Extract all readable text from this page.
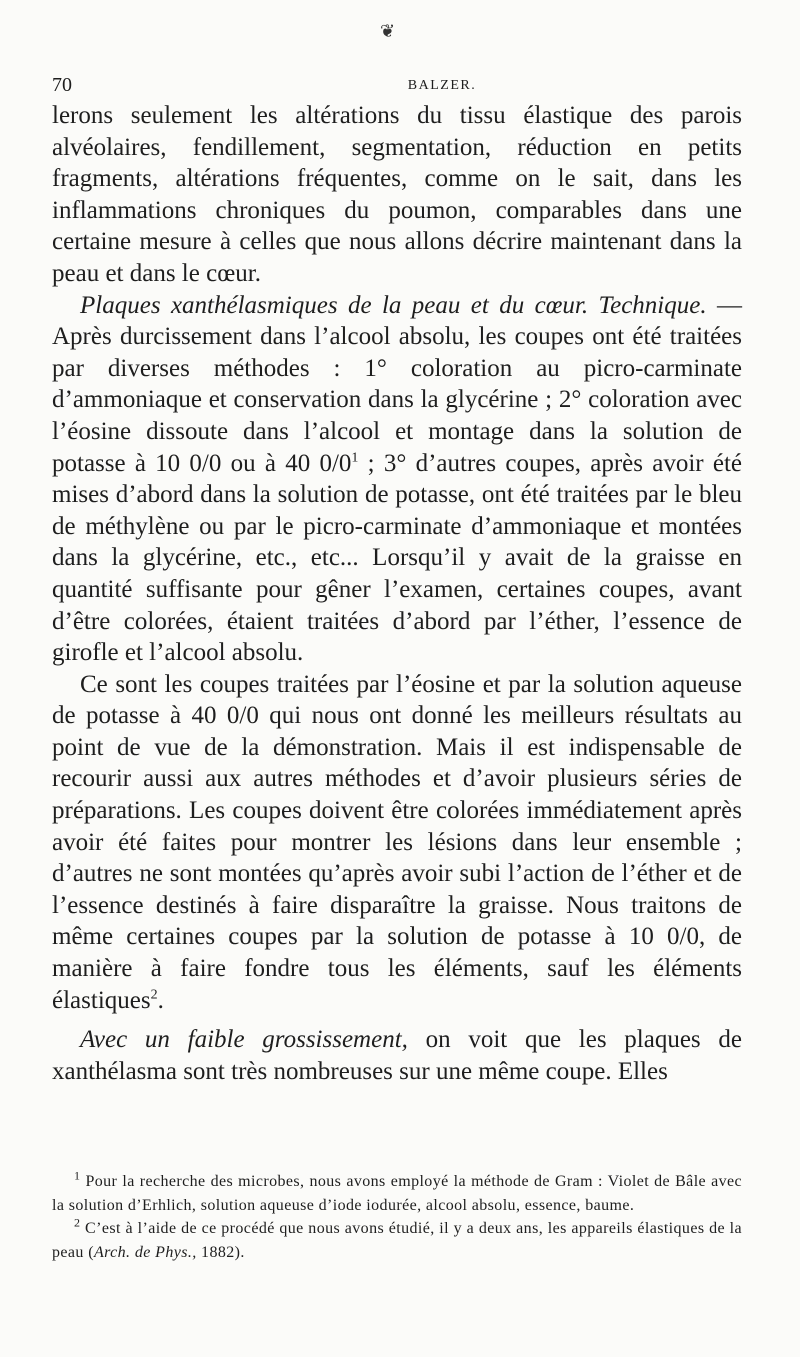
❦
70	BALZER.

lerons seulement les altérations du tissu élastique des parois alvéolaires, fendillement, segmentation, réduction en petits fragments, altérations fréquentes, comme on le sait, dans les inflammations chroniques du poumon, comparables dans une certaine mesure à celles que nous allons décrire maintenant dans la peau et dans le cœur.

Plaques xanthélasmiques de la peau et du cœur. Technique. — Après durcissement dans l’alcool absolu, les coupes ont été traitées par diverses méthodes : 1° coloration au picro-carminate d’ammoniaque et conservation dans la glycérine ; 2° coloration avec l’éosine dissoute dans l’alcool et montage dans la solution de potasse à 10 0/0 ou à 40 $0/0^1$ ; 3° d’autres coupes, après avoir été mises d’abord dans la solution de potasse, ont été traitées par le bleu de méthylène ou par le picro-carminate d’ammoniaque et montées dans la glycérine, etc., etc... Lorsqu’il y avait de la graisse en quantité suffisante pour gêner l’examen, certaines coupes, avant d’être colorées, étaient traitées d’abord par l’éther, l’essence de girofle et l’alcool absolu.

Ce sont les coupes traitées par l’éosine et par la solution aqueuse de potasse à 40 0/0 qui nous ont donné les meilleurs résultats au point de vue de la démonstration. Mais il est indispensable de recourir aussi aux autres méthodes et d’avoir plusieurs séries de préparations. Les coupes doivent être colorées immédiatement après avoir été faites pour montrer les lésions dans leur ensemble ; d’autres ne sont montées qu’après avoir subi l’action de l’éther et de l’essence destinés à faire disparaître la graisse. Nous traitons de même certaines coupes par la solution de potasse à 10 0/0, de manière à faire fondre tous les éléments, sauf les éléments élastiques$^2$.

Avec un faible grossissement, on voit que les plaques de xanthélasma sont très nombreuses sur une même coupe. Elles

$^1$ Pour la recherche des microbes, nous avons employé la méthode de Gram : Violet de Bâle avec la solution d’Erhlich, solution aqueuse d’iode iodurée, alcool absolu, essence, baume.

$^2$ C’est à l’aide de ce procédé que nous avons étudié, il y a deux ans, les appareils élastiques de la peau (Arch. de Phys., 1882).
